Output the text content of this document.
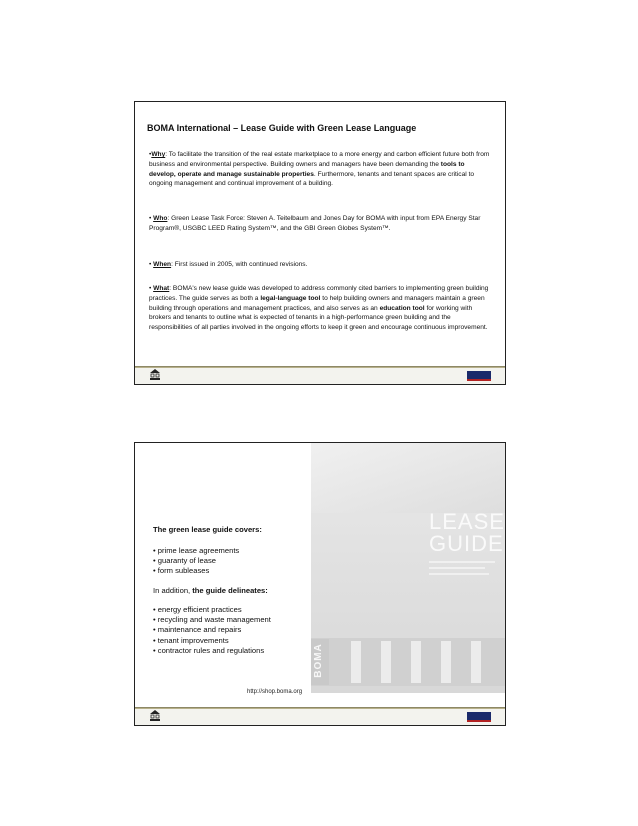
BOMA International – Lease Guide with Green Lease Language
•Why: To facilitate the transition of the real estate marketplace to a more energy and carbon efficient future both from business and environmental perspective. Building owners and managers have been demanding the tools to develop, operate and manage sustainable properties. Furthermore, tenants and tenant spaces are critical to ongoing management and continual improvement of a building.
• Who: Green Lease Task Force: Steven A. Teitelbaum and Jones Day for BOMA with input from EPA Energy Star Program®, USGBC LEED Rating System™, and the GBI Green Globes System™.
• When: First issued in 2005, with continued revisions.
• What: BOMA's new lease guide was developed to address commonly cited barriers to implementing green building practices. The guide serves as both a legal-language tool to help building owners and managers maintain a green building through operations and management practices, and also serves as an education tool for working with brokers and tenants to outline what is expected of tenants in a high-performance green building and the responsibilities of all parties involved in the ongoing efforts to keep it green and encourage continuous improvement.
LEASE
GUIDE
BOMA
The green lease guide covers:
• prime lease agreements
• guaranty of lease
• form subleases
In addition, the guide delineates:
• energy efficient practices
• recycling and waste management
• maintenance and repairs
• tenant improvements
• contractor rules and regulations
http://shop.boma.org
